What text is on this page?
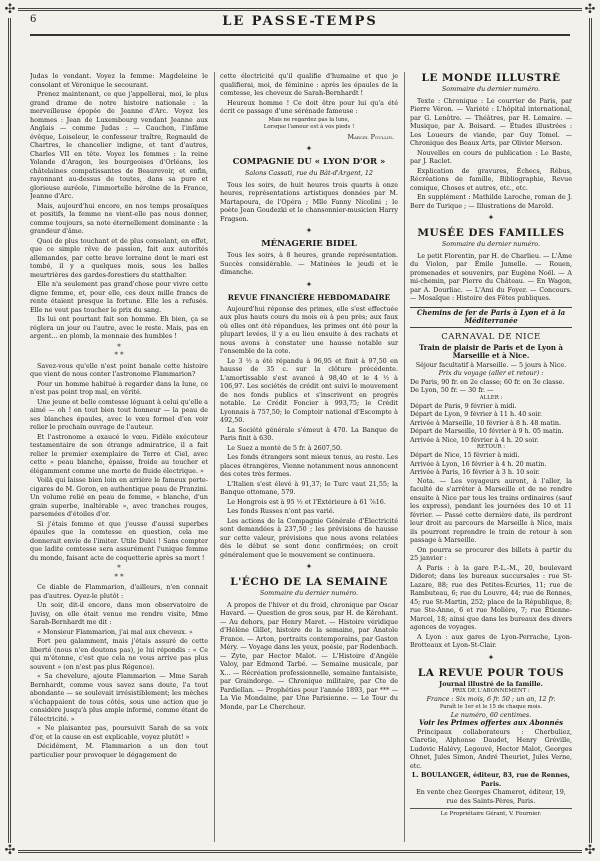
✣	✣
✣	✣
6	LE PASSE-TEMPS

Judas le vendant. Voyez la femme: Magdeleine le consolant et Véronique le secourant.

Prenez maintenant, ce que j'appellerai, moi, le plus grand drame de notre histoire nationale : la merveilleuse épopée de Jeanne d'Arc. Voyez les hommes : Jean de Luxembourg vendant Jeanne aux Anglais — comme Judas : — Cauchon, l'infâme évêque, Loiseleur, le confesseur traître, Regnauld de Chartres, le chancelier indigne, et tant d'autres, Charles VII en tête. Voyez les femmes : la reine Yolande d'Aragon, les bourgeoises d'Orléans, les châtelaines compatissantes de Beaurevoir, et enfin, rayonnant au-dessus de toutes, dans sa pure et glorieuse auréole, l'immortelle héroïne de la France, Jeanne d'Arc.

Mais, aujourd'hui encore, en nos temps prosaïques et positifs, la femme ne vient-elle pas nous donner, comme toujours, sa note éternellement dominante : la grandeur d'âme.

Quoi de plus touchant et de plus consolant, en effet, que ce simple rêve de passion, fait aux autorités allemandes, par cette brave lorraine dont le mari est tombé, il y a quelques mois, sous les balles meurtrières des gardes-forestiers du statthalter.

Elle n'a seulement pas grand'chose pour vivre cette digne femme, et, pour elle, ces deux mille francs de rente étaient presque la fortune. Elle les a refusés. Elle ne veut pas toucher le prix du sang.

Ils lui ont pourtant fait son homme. Eh bien, ça se réglera un jour ou l'autre, avec le reste. Mais, pas en argent... en plomb, la monnaie des humbles !

*
* *

Savez-vous qu'elle n'est point banale cette histoire que vient de nous conter l'astronome Flammarion?

Pour un homme habitué à regarder dans la lune, ce n'est pas point trop mal, en vérité.

Une jeune et belle comtesse léguant à celui qu'elle a aimé — oh ! en tout bien tout honneur — la peau de ses blanches épaules, avec le vœu formel d'en voir relier le prochain ouvrage de l'auteur.

Et l'astronome a exaucé le vœu. Fidèle exécuteur testamentaire de son étrange admiratrice, il a fait relier le premier exemplaire de Terre et Ciel, avec cette « peau blanche, épaisse, froide au toucher et élégamment comme une morte de fluide électrique. »

Voilà qui laisse bien loin en arrière le fameux porte-cigares de M. Goron, en authentique peau de Pranzini. Un volume relié en peau de femme, « blanche, d'un grain superbe, inaltérable », avec tranches rouges, parsemées d'étoiles d'or.

Si j'étais femme et que j'eusse d'aussi superbes épaules que la comtesse en question, cela me donnerait envie de l'imiter. Utile Dulci ! Sans compter que ladite comtesse sera assurément l'unique femme du monde, faisant acte de coquetterie après sa mort !

*
* *

Ce diable de Flammarion, d'ailleurs, n'en connait pas d'autres. Oyez-le plutôt :

Un soir, dit-il encore, dans mon observatoire de Juvisy, on elle était venue me rendre visite, Mme Sarah-Bernhardt me dit :

« Monsieur Flammarion, j'ai mal aux cheveux. »

Fort peu galamment, mais j'étais assuré de cette liberté (nous n'en doutons pas), je lui répondis : « Ce qui m'étonne, c'est que cela ne vous arrive pas plus souvent » (on n'est pas plus Régence).

« Sa chevelure, ajoute Flammarion — Mme Sarah Bernhardt, comme vous savez sans doute, l'a tout abondante — se soulevait irrésistiblement; les mèches s'échappaient de tous côtés, sous une action que je considère jusqu'à plus ample informé, comme étant de l'électricité. »

« Ne plaisantez pas, poursuivit Sarah de sa voix d'or, et la cause en est explicable, voyez plutôt! »

Décidément, M. Flammarion a un don tout particulier pour provoquer le dégagement de

cette électricité qu'il qualifie d'humaine et que je qualifierai, moi, de féminine : après les épaules de la comtesse, les cheveux de Sarah-Bernhardt !

Heureux homme ! Ce doit être pour lui qu'a été écrit ce passage d'une sérénade fameuse :

Mais ne regardez pas la lune,
Lorsque l'amour est à vos pieds !
Marcel Poullin.
✦
COMPAGNIE DU « LYON D'OR »
Salons Cassati, rue du Bât-d'Argent, 12

Tous les soirs, de huit heures trois quarts à onze heures, représentations artistiques données par M. Martapoura, de l'Opéra ; Mlle Fanny Nicolini ; le poète Jean Goudezki et le chansonnier-musicien Harry Fragson.

✦
MÉNAGERIE BIDEL

Tous les soirs, à 8 heures, grande représentation. Succès considérable. — Matinées le jeudi et le dimanche.

✦
REVUE FINANCIÈRE HEBDOMADAIRE

Aujourd'hui réponse des primes, elle s'est effectuée aux plus hauts cours du mois où à peu près; aux faux où elles ont été répandues, les primes ont été pour la plupart levées, il y a eu lieu ensuite à des rachats et nous avons à constater une hausse notable sur l'ensemble de la cote.

Le 3 ½ a été répandu à 96,95 et finit à 97,50 en hausse de 35 c. sur la clôture précédente. L'amortissable s'est avancé à 98,40 et le 4 ½ à 106,97. Les sociétés de crédit ont suivi le mouvement de nos fonds publics et s'inscrivent en progrès notable. Le Crédit Foncier à 993,75; le Crédit Lyonnais à 757,50; le Comptoir national d'Escompte à 492,50.

La Société générale s'émeut à 470. La Banque de Paris finit à 630.

Le Suez a monté de 5 fr. à 2607,50.

Les fonds étrangers sont mieux tenus, au reste. Les places étrangères, Vienne notamment nous annoncent des cotes très fermes.

L'Italien s'est élevé à 91,37; le Turc vaut 21,55; la Banque ottomane, 579.

Le Hongrois est à 95 ½ et l'Extérieure à 61 ⅞16.

Les fonds Russes n'ont pas varié.

Les actions de la Compagnie Générale d'Électricité sont demandées à 237,50 ; les prévisions de hausse sur cette valeur, prévisions que nous avons relatées dès le début se sont donc confirmées; on croit généralement que le mouvement se continuera.

✦
L'ÉCHO DE LA SEMAINE
Sommaire du dernier numéro.

A propos de l'hiver et du froid, chronique par Oscar Havard. — Question de gros sous, par H. de Kérohant. — Au dehors, par Henry Maret. — Histoire véridique d'Hélène Gillet, histoire de la semaine, par Anatole France. — Arton, portraits contemporains, par Gaston Méry. — Voyage dans les yeux, poésie, par Rodenbach. — Zyte, par Hector Malot. — L'Histoire d'Angèle Valoy, par Edmond Tarbé. — Semaine musicale, par X... — Récréation professionnelle, semaine fantaisiste, par Graindorge. — Chronique militaire, par Cte de Pardiellan. — Prophéties pour l'année 1893, par *** — La Vie Mondaine, par Une Parisienne. — Le Tour du Monde, par Le Chercheur.

LE MONDE ILLUSTRÉ
Sommaire du dernier numéro.

Texte : Chronique : Le courrier de Paris, par Pierre Véron. — Variété : L'hôpital international, par G. Lenôtre. — Théâtres, par H. Lemaire. — Musique, par A. Boisard. — Études illustrées : Les Loueurs de viande, par Guy Tomel. — Chronique des Beaux Arts, par Olivier Merson.

Nouvelles en cours de publication : Le Baste, par J. Raclet.

Explication de gravures, Échecs, Rébus, Récréations de famille, Bibliographie, Revue comique, Choses et autres, etc., etc.

En supplément : Mathilde Laroche, roman de J. Berr de Turique ; — Illustrations de Marold.

✦
MUSÉE DES FAMILLES
Sommaire du dernier numéro.

Le petit Florentin, par H. de Charlieu. — L'Âme du Violon, par Émile Jumelle. — Rouen, promenades et souvenirs, par Eugène Noël. — A mi-chemin, par Pierre du Château. — En Wagon, par A. Dourliac. — L'Ami du Foyer. — Concours. — Mosaïque : Histoire des Fêtes publiques.

Chemins de fer de Paris à Lyon et à la Méditerranée
CARNAVAL DE NICE
Train de plaisir de Paris et de Lyon à Marseille et à Nice.
Séjour facultatif à Marseille. — 5 jours à Nice.
Prix du voyage (aller et retour) :
De Paris, 90 fr. en 2e classe; 60 fr. en 3e classe.
De Lyon, 50 fr. — 30 fr. —
ALLER :
Départ de Paris, 9 février à midi.
Départ de Lyon, 9 février à 11 h. 40 soir.
Arrivée à Marseille, 10 février à 8 h. 48 matin.
Départ de Marseille, 10 février à 9 h. 05 matin.
Arrivée à Nice, 10 février à 4 h. 20 soir.
RETOUR :
Départ de Nice, 15 février à midi.
Arrivée à Lyon, 16 février à 4 h. 20 matin.
Arrivée à Paris, 16 février à 3 h. 10 soir.

Nota. — Les voyageurs auront, à l'aller, la faculté de s'arrêter à Marseille et de ne rendre ensuite à Nice par tous les trains ordinaires (sauf les express), pendant les journées des 10 et 11 février. — Passé cette dernière date, ils perdront leur droit au parcours de Marseille à Nice, mais ils pourront reprendre le train de retour à son passage à Marseille.

On pourra se procurer des billets à partir du 25 janvier :

A Paris : à la gare P.-L.-M., 20, boulevard Diderot; dans les bureaux succursales : rue St-Lazare, 88; rue des Petites-Écuries, 11; rue de Rambuteau, 6; rue du Louvre, 44; rue de Rennes, 45; rue St-Martin, 252; place de la République, 8; rue Ste-Anne, 6 et rue Molière, 7; rue Étienne-Marcel, 18; ainsi que dans les bureaux des divers agences de voyages.

A Lyon : aux gares de Lyon-Perrache, Lyon-Brotteaux et Lyon-St-Clair.

✦
LA REVUE POUR TOUS
Journal illustré de la famille.
PRIX DE L'ABONNEMENT :
France : Six mois, 6 fr. 50 ; un an, 12 fr.
Paraît le 1er et le 15 de chaque mois.
Le numéro, 60 centimes.
Voir les Primes offertes aux Abonnés

Principaux collaborateurs : Cherbuliez, Claretie, Alphonse Daudet, Henry Gréville, Ludovic Halévy, Legouvé, Hector Malot, Georges Ohnet, Jules Simon, André Theuriet, Jules Verne, etc.

L. BOULANGER, éditeur, 83, rue de Rennes, Paris.
En vente chez Georges Chamerot, éditeur, 19, rue des Saints-Pères, Paris.
Le Propriétaire Gérant, V. Fournier.
